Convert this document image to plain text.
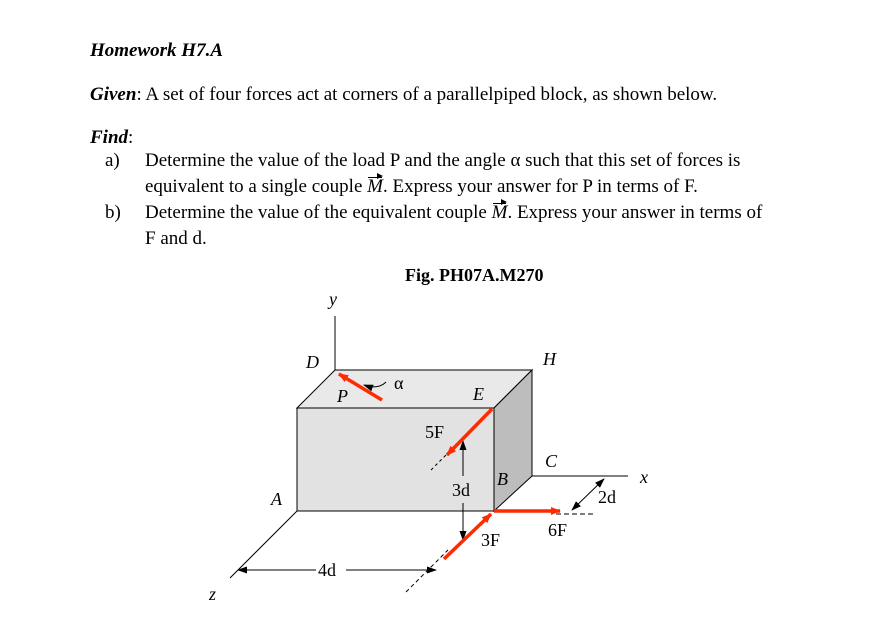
Homework H7.A
Given: A set of four forces act at corners of a parallelpiped block, as shown below.
Find:
a) Determine the value of the load P and the angle α such that this set of forces is
equivalent to a single couple M. Express your answer for P in terms of F.
b) Determine the value of the equivalent couple M. Express your answer in terms of
F and d.
Fig. PH07A.M270
y
x
z
D	H
E
C
B
A
P
α
5F
3d
3F	6F
2d
4d
